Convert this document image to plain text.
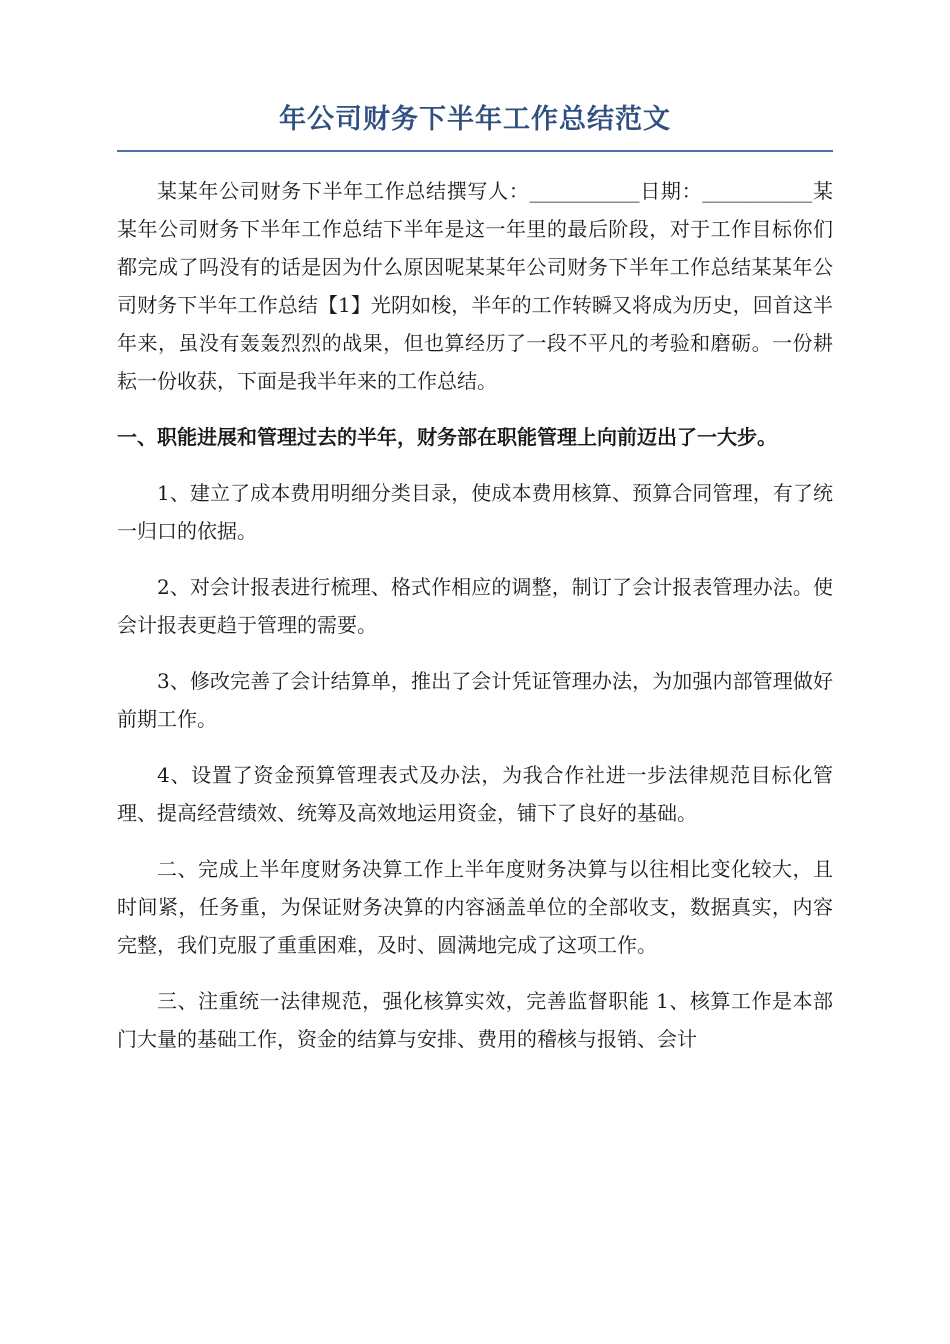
年公司财务下半年工作总结范文

某某年公司财务下半年工作总结撰写人：___________日期：___________某某年公司财务下半年工作总结下半年是这一年里的最后阶段，对于工作目标你们都完成了吗没有的话是因为什么原因呢某某年公司财务下半年工作总结某某年公司财务下半年工作总结【1】光阴如梭，半年的工作转瞬又将成为历史，回首这半年来，虽没有轰轰烈烈的战果，但也算经历了一段不平凡的考验和磨砺。一份耕耘一份收获，下面是我半年来的工作总结。

一、职能进展和管理过去的半年，财务部在职能管理上向前迈出了一大步。

1、建立了成本费用明细分类目录，使成本费用核算、预算合同管理，有了统一归口的依据。

2、对会计报表进行梳理、格式作相应的调整，制订了会计报表管理办法。使会计报表更趋于管理的需要。

3、修改完善了会计结算单，推出了会计凭证管理办法，为加强内部管理做好前期工作。

4、设置了资金预算管理表式及办法，为我合作社进一步法律规范目标化管理、提高经营绩效、统筹及高效地运用资金，铺下了良好的基础。

二、完成上半年度财务决算工作上半年度财务决算与以往相比变化较大，且时间紧，任务重，为保证财务决算的内容涵盖单位的全部收支，数据真实，内容完整，我们克服了重重困难，及时、圆满地完成了这项工作。

三、注重统一法律规范，强化核算实效，完善监督职能 1、核算工作是本部门大量的基础工作，资金的结算与安排、费用的稽核与报销、会计
